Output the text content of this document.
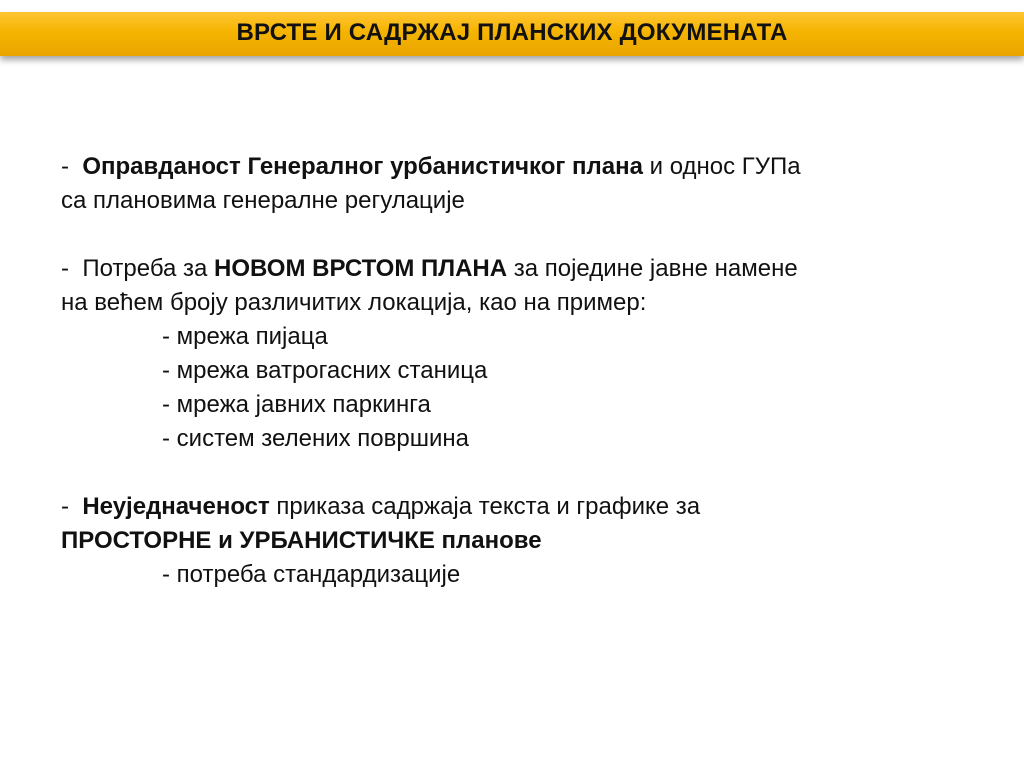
ВРСТЕ И САДРЖАЈ ПЛАНСКИХ ДОКУМЕНАТА
-  Оправданост Генералног урбанистичког плана и однос ГУПа
са плановима генералне регулације
-  Потреба за НОВОМ ВРСТОМ ПЛАНА за поједине јавне намене
на већем броју различитих локација, као на пример:
- мрежа пијаца
- мрежа ватрогасних станица
- мрежа јавних паркинга
- систем зелених површина
-  Неуједначеност приказа садржаја текста и графике за
ПРОСТОРНЕ и УРБАНИСТИЧКЕ планове
- потреба стандардизације
